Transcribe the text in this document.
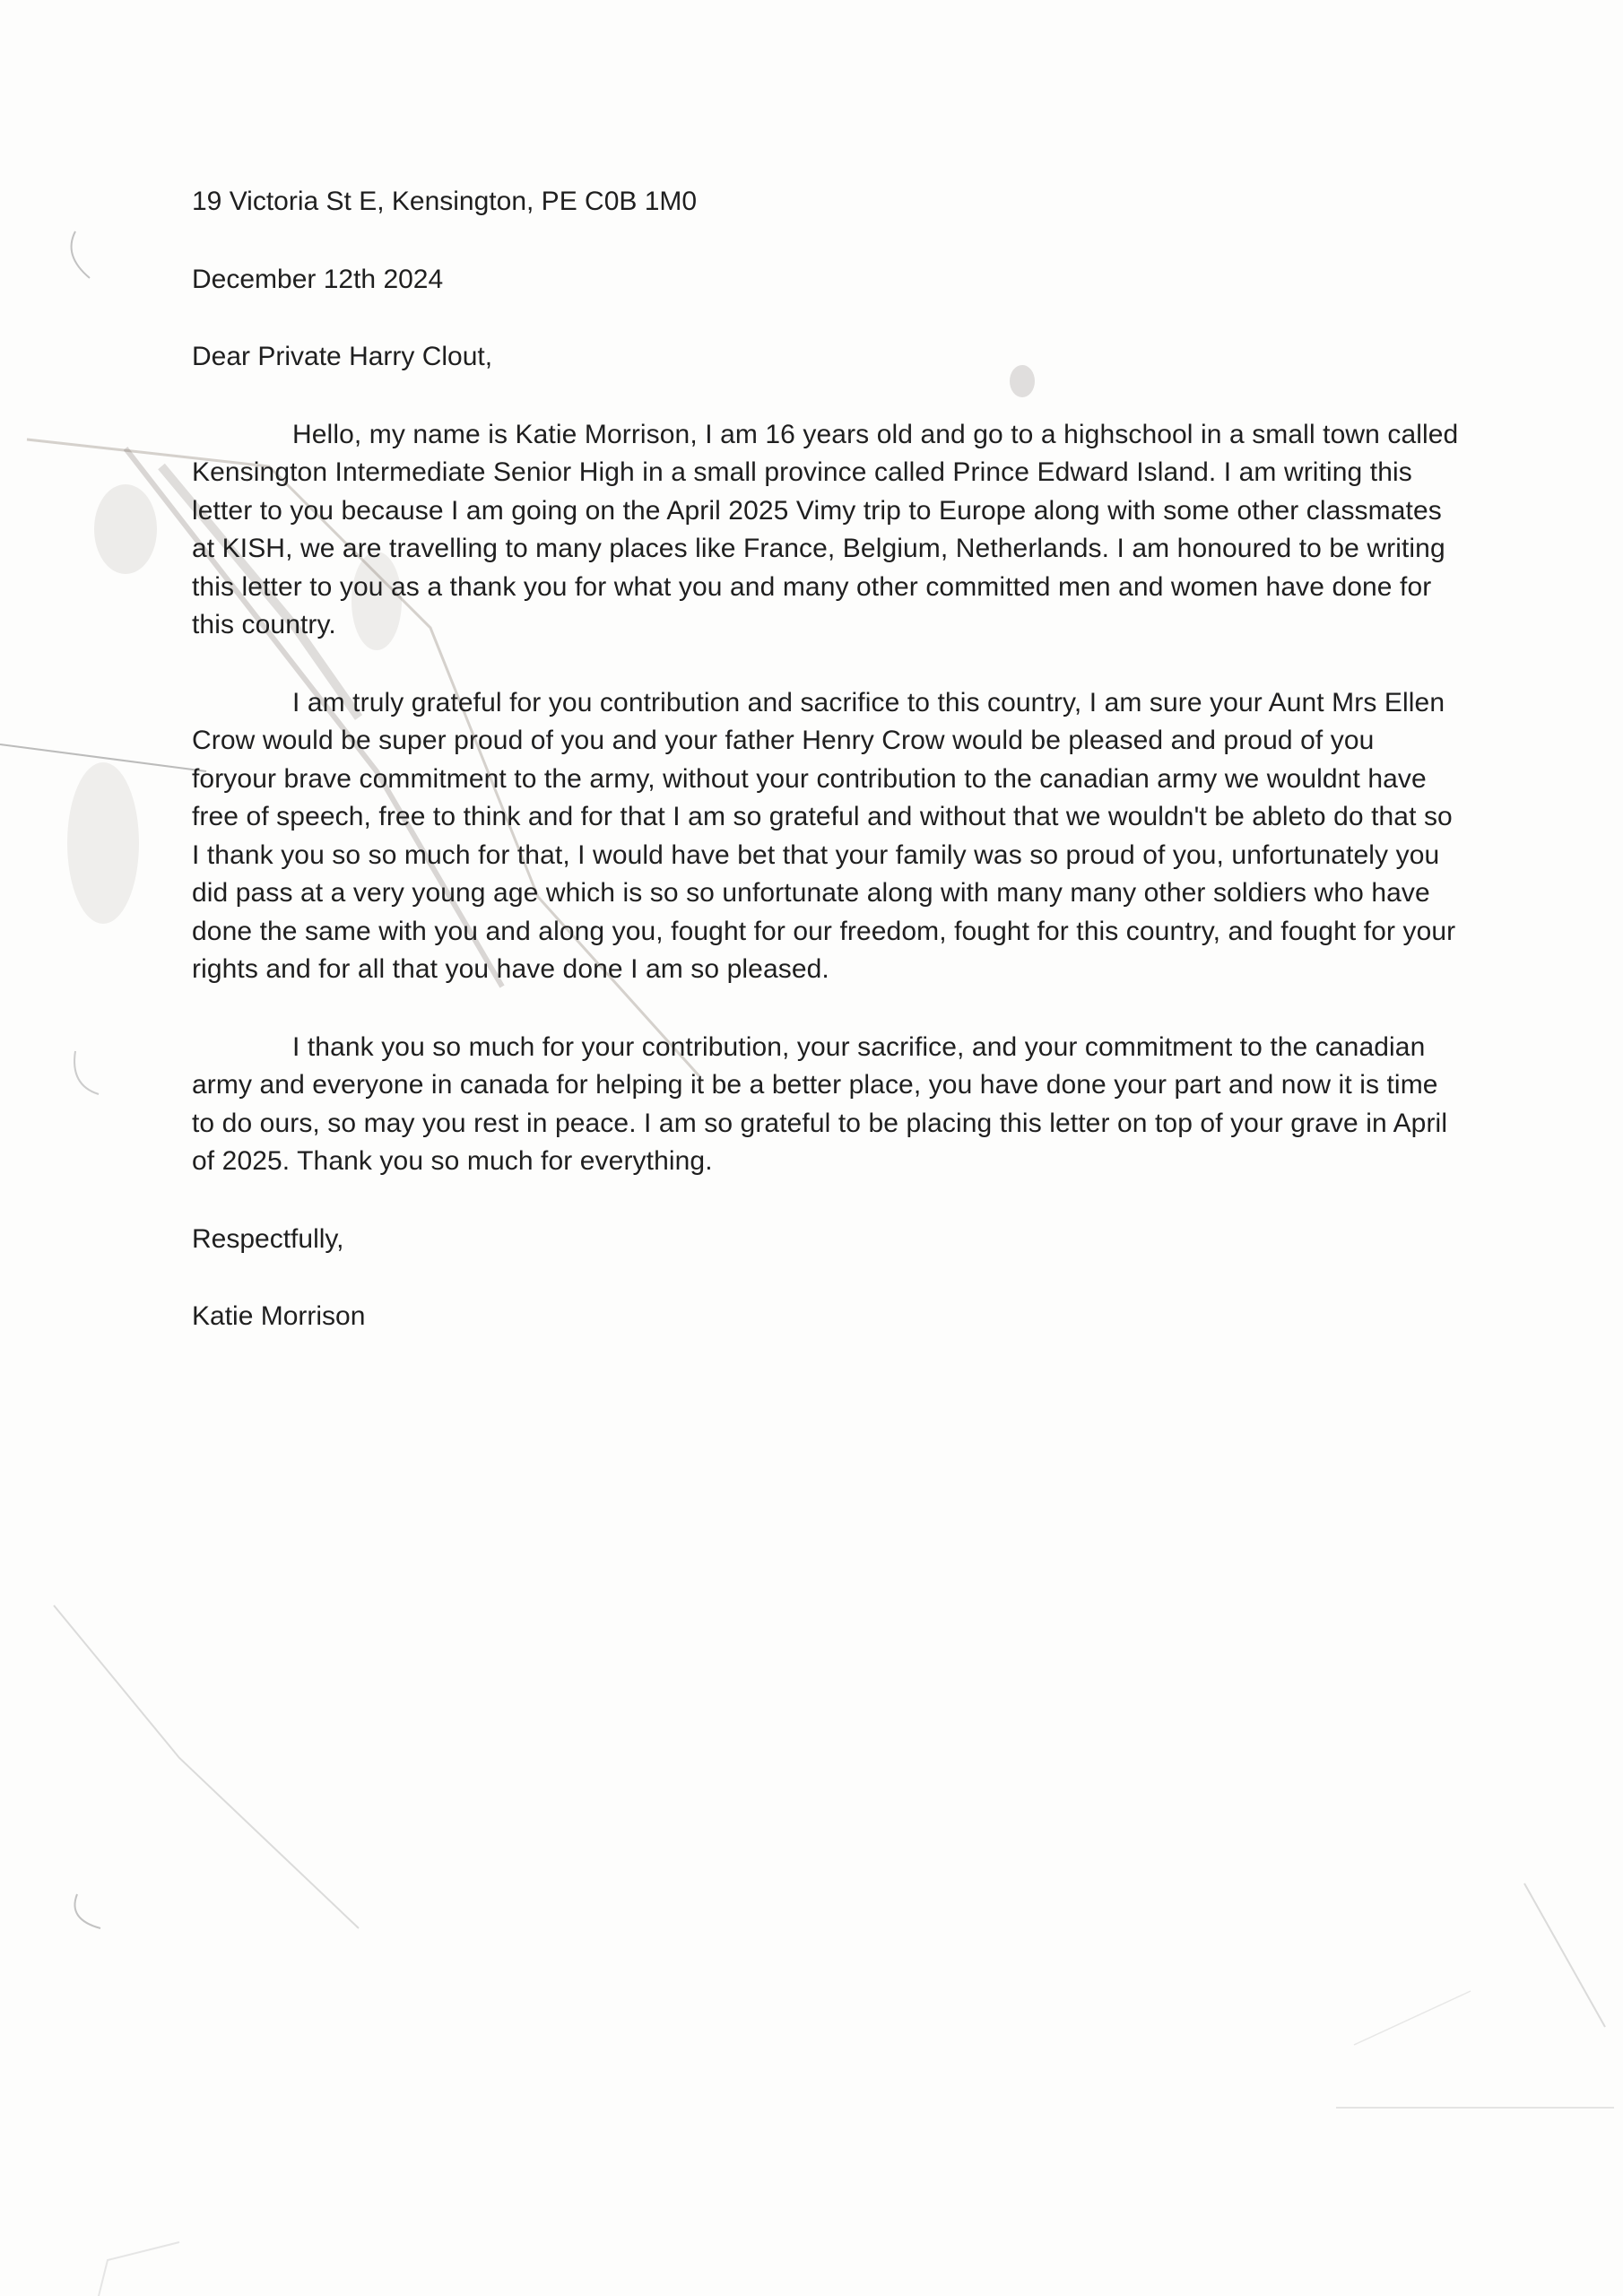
19 Victoria St E, Kensington, PE C0B 1M0
December 12th 2024
Dear Private Harry Clout,

Hello, my name is Katie Morrison, I am 16 years old and go to a highschool in a small town called Kensington Intermediate Senior High in a small province called Prince Edward Island. I am writing this letter to you because I am going on the April 2025 Vimy trip to Europe along with some other classmates at KISH, we are travelling to many places like France, Belgium, Netherlands. I am honoured to be writing this letter to you as a thank you for what you and many other committed men and women have done for this country.

I am truly grateful for you contribution and sacrifice to this country, I am sure your Aunt Mrs Ellen Crow would be super proud of you and your father Henry Crow would be pleased and proud of you foryour brave commitment to the army, without your contribution to the canadian army we wouldnt have free of speech, free to think and for that I am so grateful and without that we wouldn't be ableto do that so I thank you so so much for that, I would have bet that your family was so proud of you, unfortunately you did pass at a very young age which is so so unfortunate along with many many other soldiers who have done the same with you and along you, fought for our freedom, fought for this country, and fought for your rights and for all that you have done I am so pleased.

I thank you so much for your contribution, your sacrifice, and your commitment to the canadian army and everyone in canada for helping it be a better place, you have done your part and now it is time to do ours, so may you rest in peace. I am so grateful to be placing this letter on top of your grave in April of 2025. Thank you so much for everything.

Respectfully,
Katie Morrison
